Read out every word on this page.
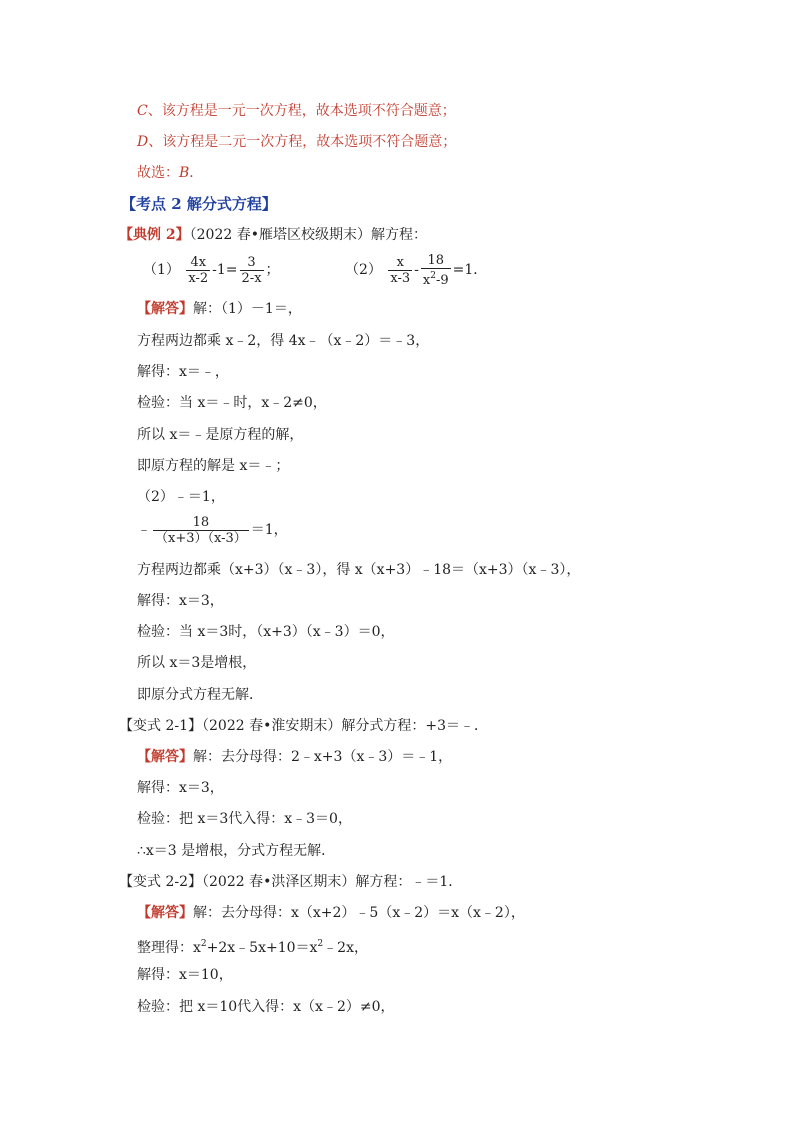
C、该方程是一元一次方程，故本选项不符合题意；
D、该方程是二元一次方程，故本选项不符合题意；
故选：B．
【考点 2 解分式方程】
【典例 2】（2022 春•雁塔区校级期末）解方程：
$(1) \frac{4x}{x-2} -1= \frac{3}{2-x}$ ；	$(2) \frac{x}{x-3} - \frac{18}{x^2-9} =1$．
【解答】解：（1）－1＝，
方程两边都乘 x﹣2，得 4x﹣（x﹣2）＝﹣3，
解得：x＝﹣，
检验：当 x＝﹣时，x﹣2≠0，
所以 x＝﹣是原方程的解，
即原方程的解是 x＝﹣；
（2）﹣＝1，
﹣ $\frac{18}{(x+3)(x-3)} =1$，
方程两边都乘（x+3）（x﹣3），得 x（x+3）﹣18＝（x+3）（x﹣3），
解得：x＝3，
检验：当 x＝3时，（x+3）（x﹣3）＝0，
所以 x＝3是增根，
即原分式方程无解．
【变式 2-1】（2022 春•淮安期末）解分式方程：+3＝﹣．
【解答】解：去分母得：2﹣x+3（x﹣3）＝﹣1，
解得：x＝3，
检验：把 x＝3代入得：x﹣3＝0，
∴x＝3 是增根，分式方程无解．
【变式 2-2】（2022 春•洪泽区期末）解方程：﹣＝1．
【解答】解：去分母得：x（x+2）﹣5（x﹣2）＝x（x﹣2），
整理得：$x^2+2x﹣5x+10=x^2﹣2x$，
解得：x＝10，
检验：把 x＝10代入得：x（x﹣2）≠0，
